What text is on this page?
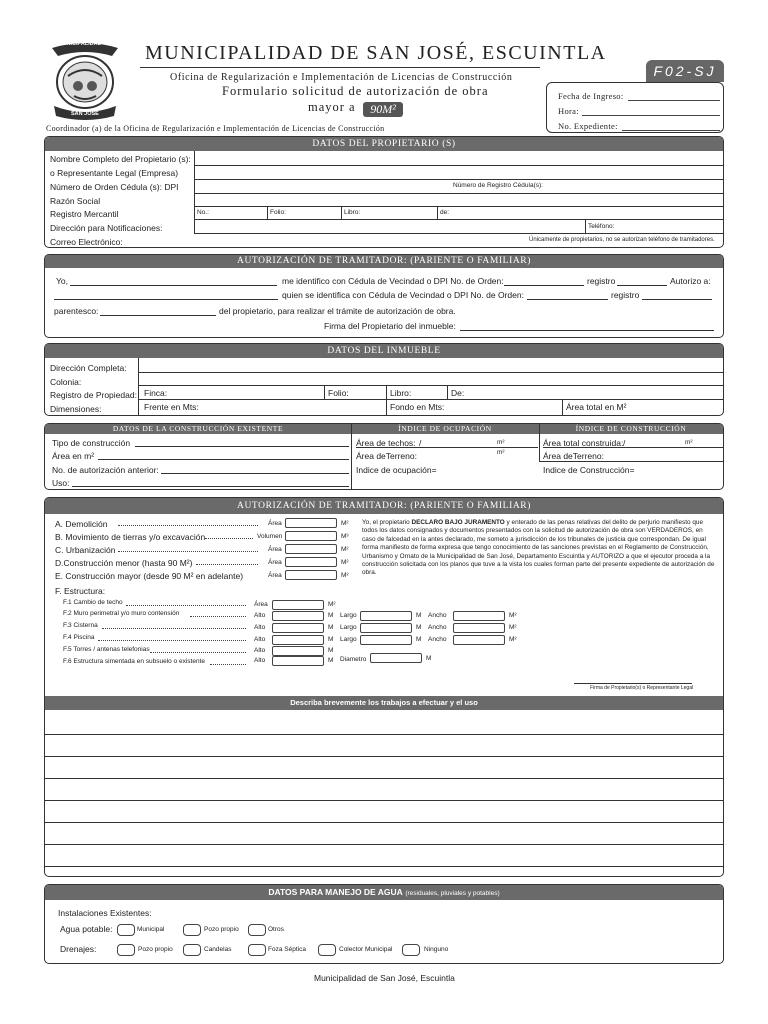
MUNICIPALIDAD
SAN JOSÉ
MUNICIPALIDAD DE SAN JOSÉ, ESCUINTLA
F02-SJ
Oficina de Regularización e Implementación de Licencias de Construcción
Formulario solicitud de autorización de obra
mayor a	90M²
Coordinador (a) de la Oficina de Regularización e Implementación de Licencias de Construcción
Fecha de Ingreso:
Hora:
No. Expediente:
DATOS DEL PROPIETARIO (S)
Nombre Completo del Propietario (s):
o Representante Legal (Empresa)
Número de Orden Cédula (s): DPI
Razón Social
Registro Mercantil
Dirección para Notificaciones:
Correo Electrónico:
Número de Registro Cédula(s):
No.:	Folio:	Libro:	de:
Teléfono:
Únicamente de propietarios, no se autorizan teléfono de tramitadores.
AUTORIZACIÓN DE TRAMITADOR: (PARIENTE O FAMILIAR)
Yo,	me identifico con Cédula de Vecindad o DPI No. de Orden:	registro	Autorizo a:
quien se identifica con Cédula de Vecindad o DPI No. de Orden:	registro
parentesco:	del propietario, para realizar el trámite de autorización de obra.
Firma del Propietario del inmueble:
DATOS DEL INMUEBLE
Dirección Completa:
Colonia:
Registro de Propiedad:
Dimensiones:
Finca:	Folio:	Libro:	De:
Frente en Mts:	Fondo en Mts:	Área total en M²
DATOS DE LA CONSTRUCCIÓN EXISTENTE	ÍNDICE DE OCUPACIÓN	ÍNDICE DE CONSTRUCCIÓN
Tipo de construcción
Área en m²
No. de autorización anterior:
Uso:
Área de techos: /	m²
Área deTerreno:	m²
Indice de ocupación=
Área total construida: /	m²
Área deTerreno:
Indice de Construcción=
AUTORIZACIÓN DE TRAMITADOR: (PARIENTE O FAMILIAR)
A. Demolición	Área	M²
B. Movimiento de tierras y/o excavación	Volumen	M³
C. Urbanización	Área	M²
D.Construcción menor (hasta 90 M²)	Área	M²
E. Construcción mayor (desde 90 M² en adelante)	Área	M²
F. Estructura:
F.1 Cambio de techo	Área	M²
F.2 Muro perimetral y/o muro contensión	Alto	M Largo	M Ancho	M²
F.3 Cisterna	Alto	M Largo	M Ancho	M²
F.4 Piscina	Alto	M Largo	M Ancho	M²
F.5 Torres / antenas telefonias	Alto	M
F.6 Estructura simentada en subsuelo o existente	Alto	M Diametro	M
Yo, el propietario DECLARO BAJO JURAMENTO y enterado de las penas relativas del delito de perjurio manifiesto que todos los datos consignados y documentos presentados con la solicitud de autorización de obra son VERDADEROS, en caso de falcedad en la antes declarado, me someto a jurisdicción de los tribunales de justicia que correspondan. De igual forma manifiesto de forma expresa que tengo conocimiento de las sanciones previstas en el Reglamento de Construcción, Urbanismo y Ornato de la Municipalidad de San José, Departamento Escuintla y AUTORIZO a que el ejecutor proceda a la construcción solicitada con los planos que tuve a la vista los cuales forman parte del presente expediente de autorización de obra.
Firma de Propietario(s) o Representante Legal
Describa brevemente los trabajos a efectuar y el uso
DATOS PARA MANEJO DE AGUA (residuales, pluviales y potables)
Instalaciones Existentes:
Agua potable:	Municipal	Pozo propio	Otros
Drenajes:	Pozo propio	Candelas	Foza Séptica	Colector Municipal	Ninguno
Municipalidad de San José, Escuintla
